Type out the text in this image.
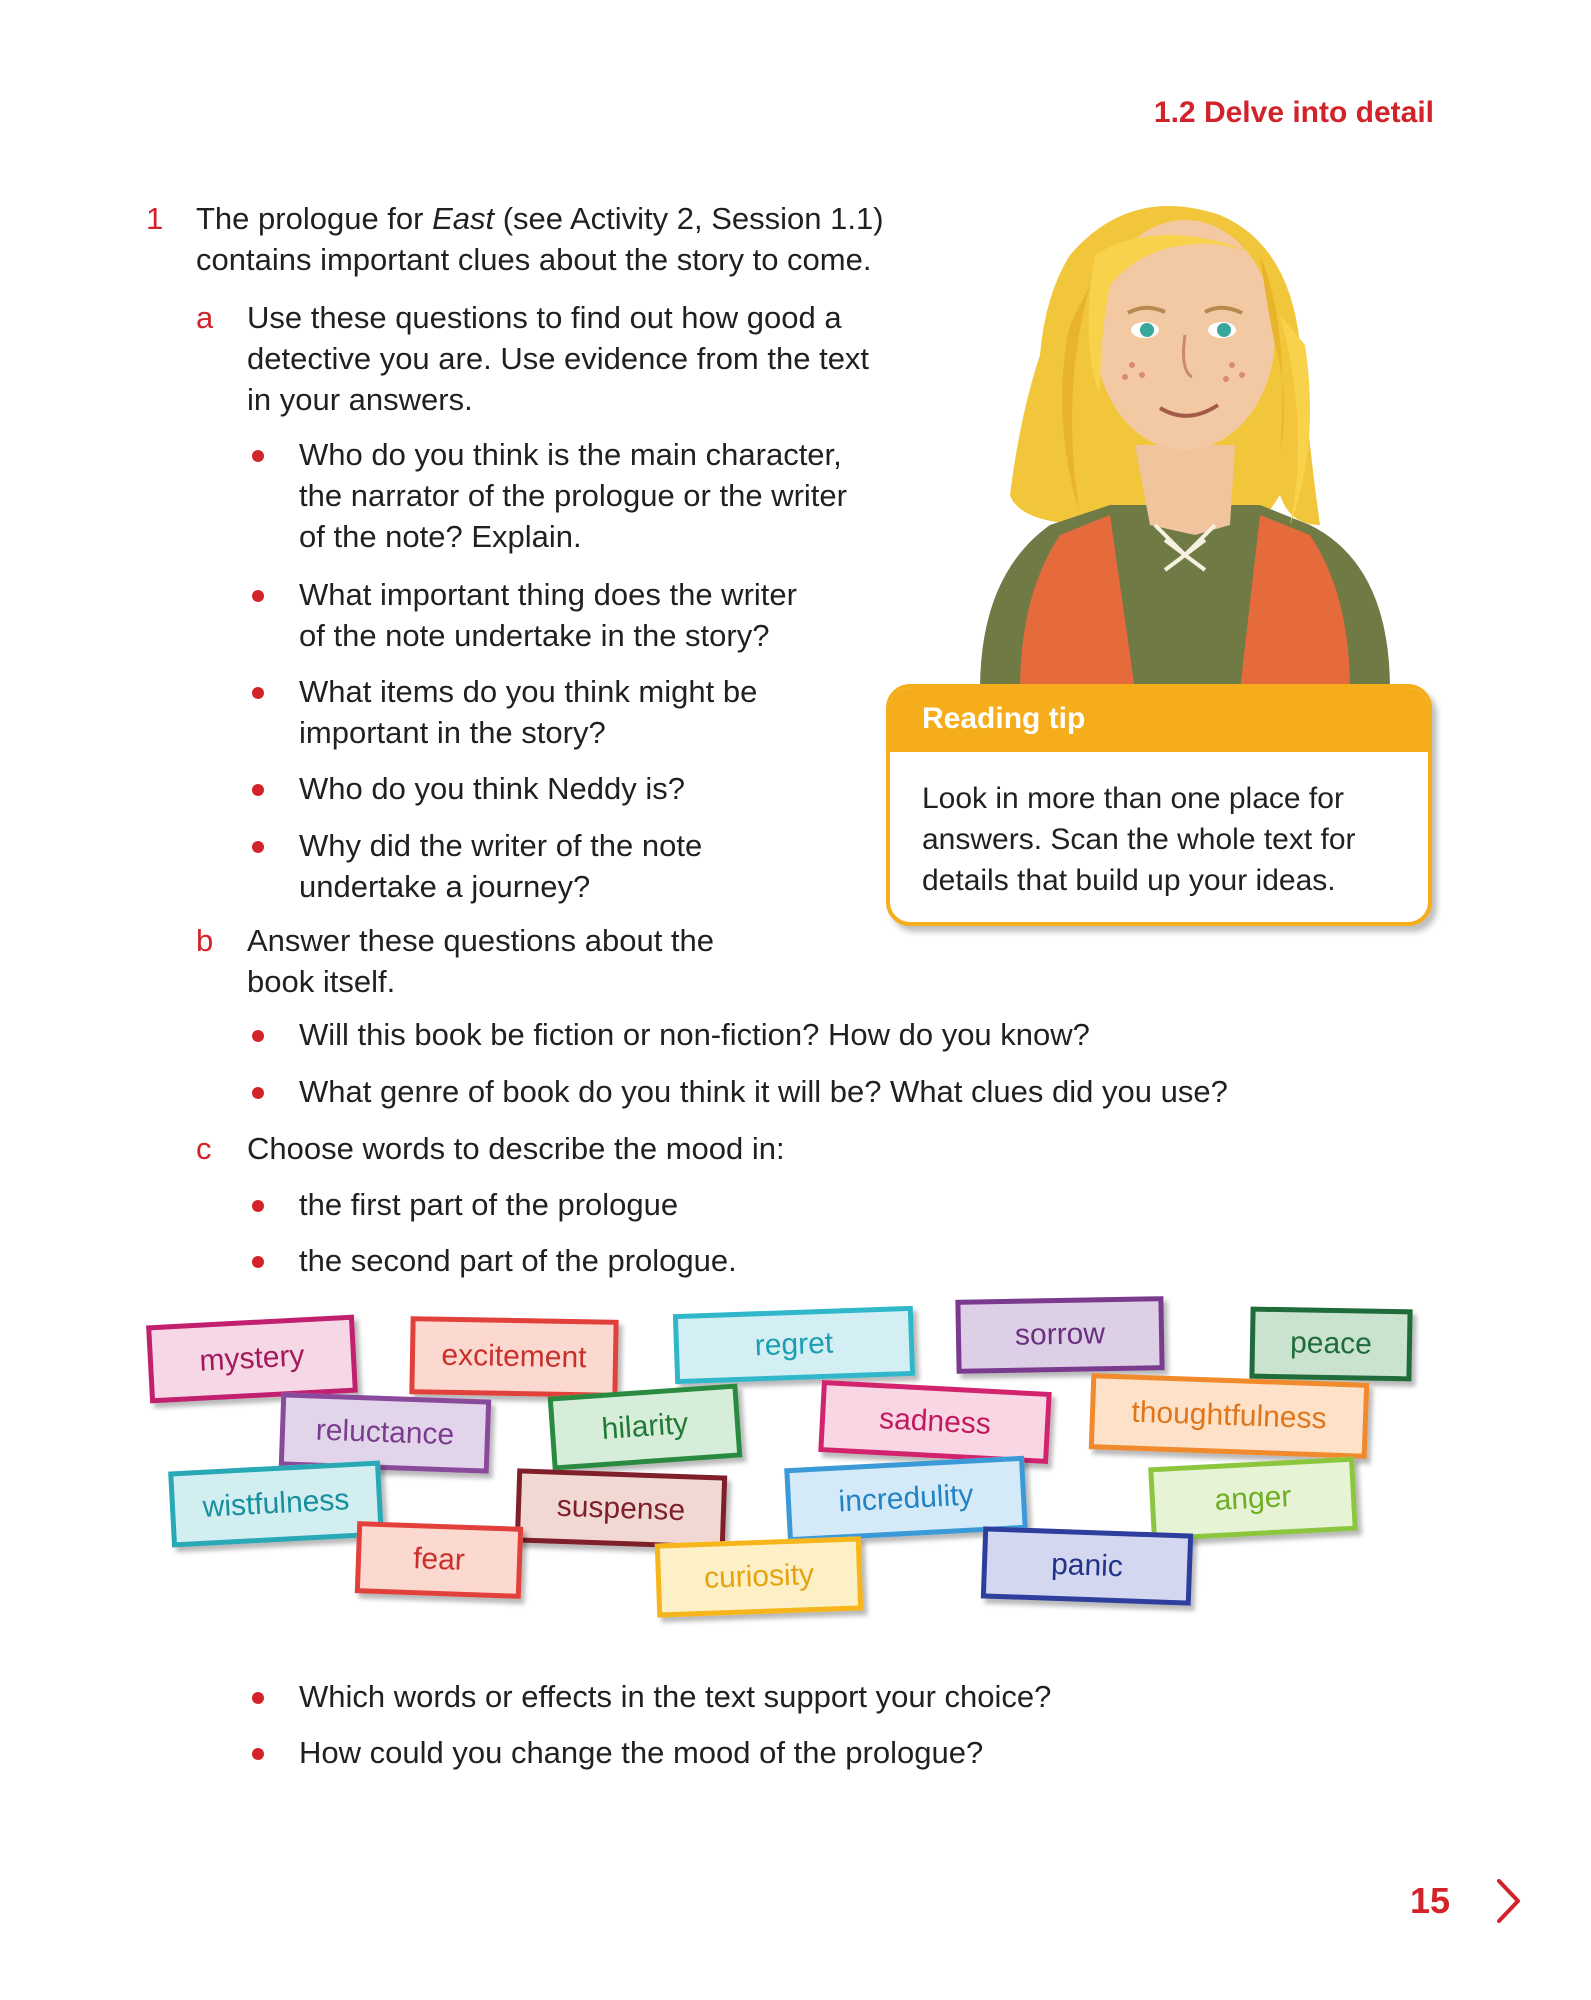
1.2 Delve into detail
1 The prologue for East (see Activity 2, Session 1.1)
contains important clues about the story to come.
a Use these questions to find out how good a
detective you are. Use evidence from the text
in your answers.
Who do you think is the main character,
the narrator of the prologue or the writer
of the note? Explain.
What important thing does the writer
of the note undertake in the story?
What items do you think might be
important in the story?
Who do you think Neddy is?
Why did the writer of the note
undertake a journey?
b Answer these questions about the
book itself.
Will this book be fiction or non-fiction? How do you know?
What genre of book do you think it will be? What clues did you use?
c Choose words to describe the mood in:
the first part of the prologue
the second part of the prologue.
Reading tip
Look in more than one place for
answers. Scan the whole text for
details that build up your ideas.
mystery	excitement	regret	sorrow	peace
reluctance	hilarity	sadness	thoughtfulness
wistfulness	suspense	incredulity	anger
fear	curiosity	panic
Which words or effects in the text support your choice?
How could you change the mood of the prologue?
15
